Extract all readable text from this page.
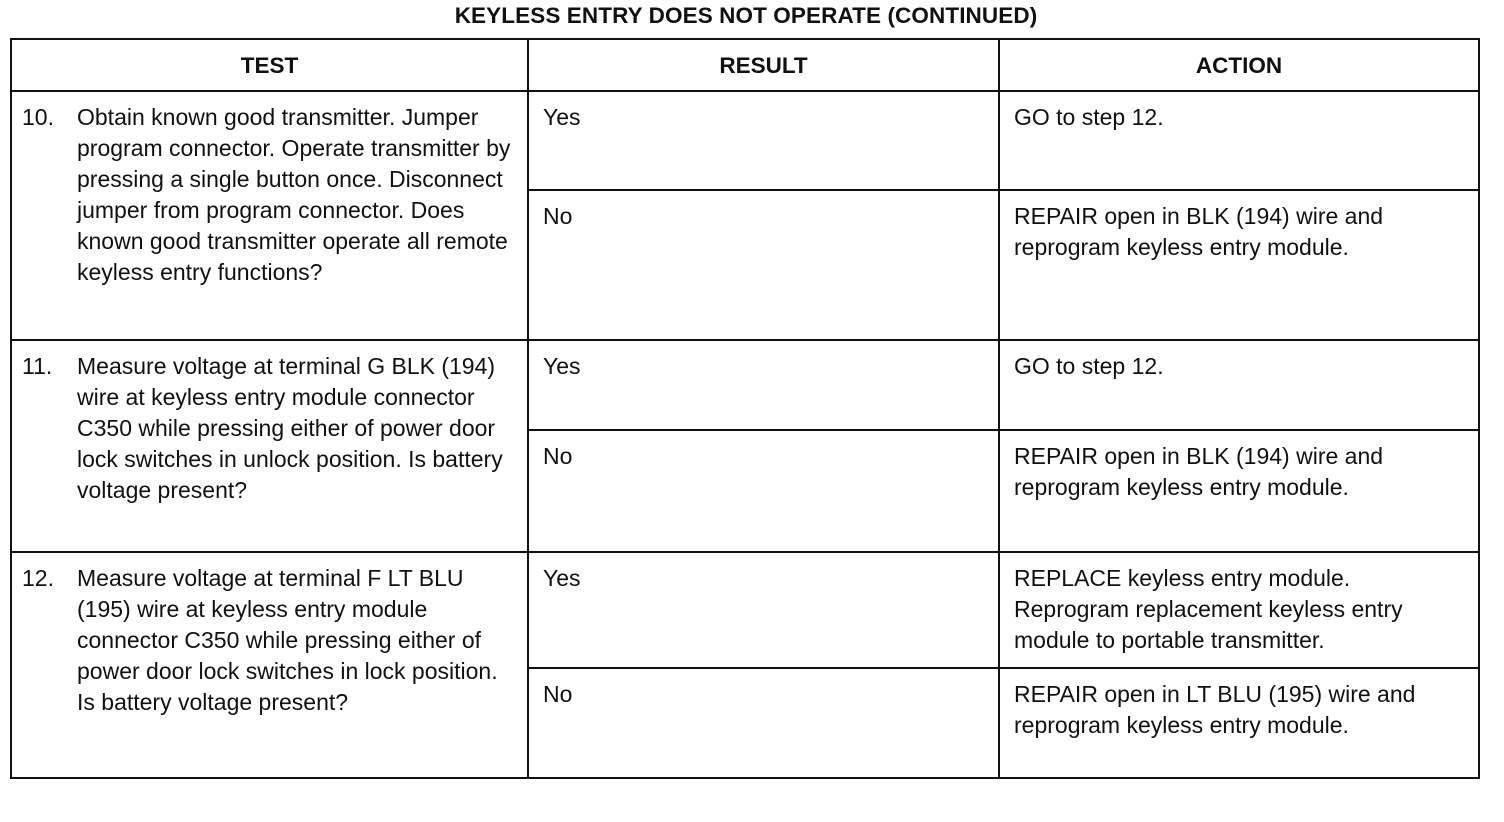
KEYLESS ENTRY DOES NOT OPERATE (CONTINUED)
TEST	RESULT	ACTION

10. Obtain known good transmitter. Jumper program connector. Operate transmitter by pressing a single button once. Disconnect jumper from program connector. Does known good transmitter operate all remote keyless entry functions?	Yes	GO to step 12.
	No	REPAIR open in BLK (194) wire and reprogram keyless entry module.

11. Measure voltage at terminal G BLK (194) wire at keyless entry module connector C350 while pressing either of power door lock switches in unlock position. Is battery voltage present?	Yes	GO to step 12.
	No	REPAIR open in BLK (194) wire and reprogram keyless entry module.

12. Measure voltage at terminal F LT BLU (195) wire at keyless entry module connector C350 while pressing either of power door lock switches in lock position. Is battery voltage present?	Yes	REPLACE keyless entry module. Reprogram replacement keyless entry module to portable transmitter.
	No	REPAIR open in LT BLU (195) wire and reprogram keyless entry module.
